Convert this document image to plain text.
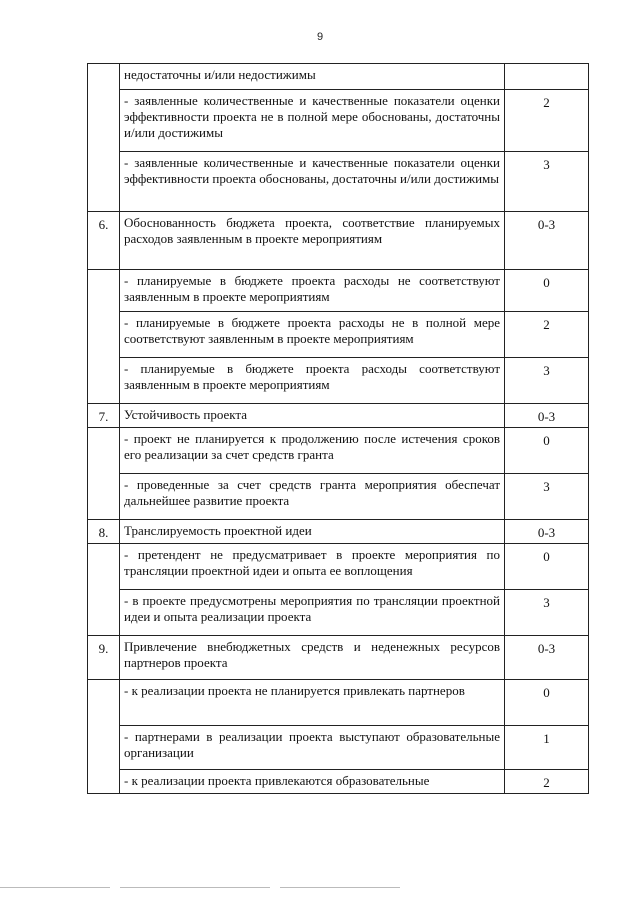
9
	недостаточны и/или недостижимы	
	- заявленные количественные и качественные показатели оценки эффективности проекта не в полной мере обоснованы, достаточны и/или достижимы	2
	- заявленные количественные и качественные показатели оценки эффективности проекта обоснованы, достаточны и/или достижимы	3
6.	Обоснованность бюджета проекта, соответствие планируемых расходов заявленным в проекте мероприятиям	0-3
	- планируемые в бюджете проекта расходы не соответствуют заявленным в проекте мероприятиям	0
	- планируемые в бюджете проекта расходы не в полной мере соответствуют заявленным в проекте мероприятиям	2
	- планируемые в бюджете проекта расходы соответствуют заявленным в проекте мероприятиям	3
7.	Устойчивость проекта	0-3
	- проект не планируется к продолжению после истечения сроков его реализации за счет средств гранта	0
	- проведенные за счет средств гранта мероприятия обеспечат дальнейшее развитие проекта	3
8.	Транслируемость проектной идеи	0-3
	- претендент не предусматривает в проекте мероприятия по трансляции проектной идеи и опыта ее воплощения	0
	- в проекте предусмотрены мероприятия по трансляции проектной идеи и опыта реализации проекта	3
9.	Привлечение внебюджетных средств и неденежных ресурсов партнеров проекта	0-3
	- к реализации проекта не планируется привлекать партнеров	0
	- партнерами в реализации проекта выступают образовательные организации	1
	- к реализации проекта привлекаются образовательные	2
